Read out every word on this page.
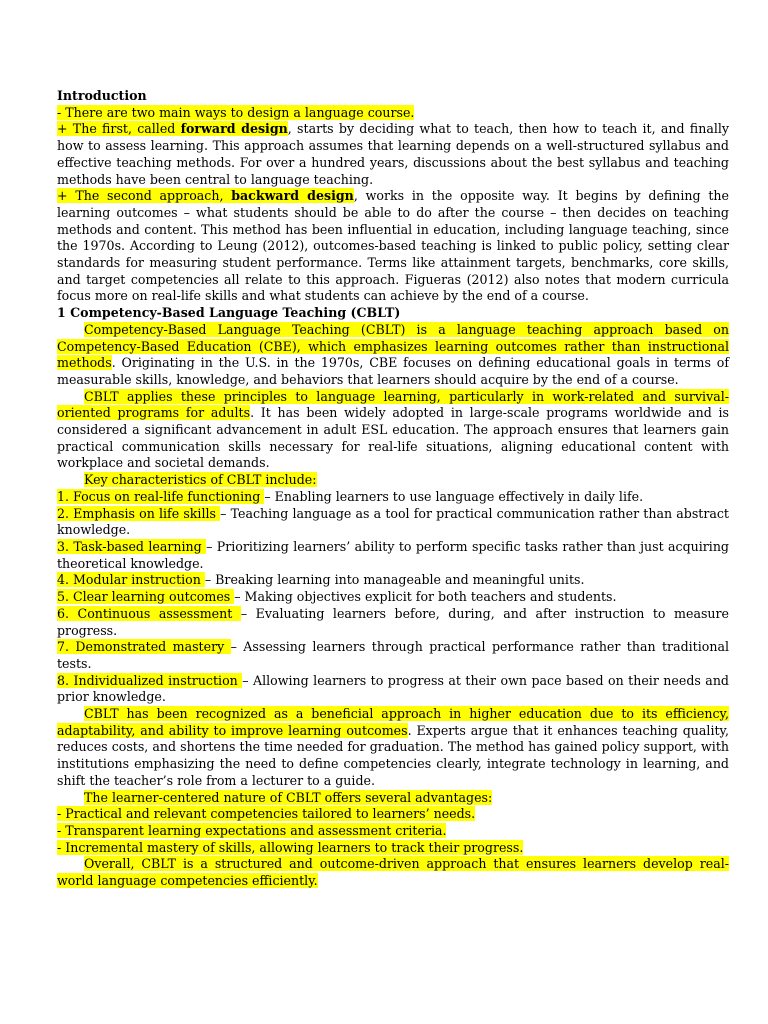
Introduction

- There are two main ways to design a language course.

+ The first, called forward design, starts by deciding what to teach, then how to teach it, and finally how to assess learning. This approach assumes that learning depends on a well-structured syllabus and effective teaching methods. For over a hundred years, discussions about the best syllabus and teaching methods have been central to language teaching.

+ The second approach, backward design, works in the opposite way. It begins by defining the learning outcomes – what students should be able to do after the course – then decides on teaching methods and content. This method has been influential in education, including language teaching, since the 1970s. According to Leung (2012), outcomes-based teaching is linked to public policy, setting clear standards for measuring student performance. Terms like attainment targets, benchmarks, core skills, and target competencies all relate to this approach. Figueras (2012) also notes that modern curricula focus more on real-life skills and what students can achieve by the end of a course.

1 Competency-Based Language Teaching (CBLT)

Competency-Based Language Teaching (CBLT) is a language teaching approach based on Competency-Based Education (CBE), which emphasizes learning outcomes rather than instructional methods. Originating in the U.S. in the 1970s, CBE focuses on defining educational goals in terms of measurable skills, knowledge, and behaviors that learners should acquire by the end of a course.

CBLT applies these principles to language learning, particularly in work-related and survival-oriented programs for adults. It has been widely adopted in large-scale programs worldwide and is considered a significant advancement in adult ESL education. The approach ensures that learners gain practical communication skills necessary for real-life situations, aligning educational content with workplace and societal demands.

Key characteristics of CBLT include:

1. Focus on real-life functioning – Enabling learners to use language effectively in daily life.

2. Emphasis on life skills – Teaching language as a tool for practical communication rather than abstract knowledge.

3. Task-based learning – Prioritizing learners’ ability to perform specific tasks rather than just acquiring theoretical knowledge.

4. Modular instruction – Breaking learning into manageable and meaningful units.

5. Clear learning outcomes – Making objectives explicit for both teachers and students.

6. Continuous assessment – Evaluating learners before, during, and after instruction to measure progress.

7. Demonstrated mastery – Assessing learners through practical performance rather than traditional tests.

8. Individualized instruction – Allowing learners to progress at their own pace based on their needs and prior knowledge.

CBLT has been recognized as a beneficial approach in higher education due to its efficiency, adaptability, and ability to improve learning outcomes. Experts argue that it enhances teaching quality, reduces costs, and shortens the time needed for graduation. The method has gained policy support, with institutions emphasizing the need to define competencies clearly, integrate technology in learning, and shift the teacher’s role from a lecturer to a guide.

The learner-centered nature of CBLT offers several advantages:

- Practical and relevant competencies tailored to learners’ needs.

- Transparent learning expectations and assessment criteria.

- Incremental mastery of skills, allowing learners to track their progress.

Overall, CBLT is a structured and outcome-driven approach that ensures learners develop real-world language competencies efficiently.
